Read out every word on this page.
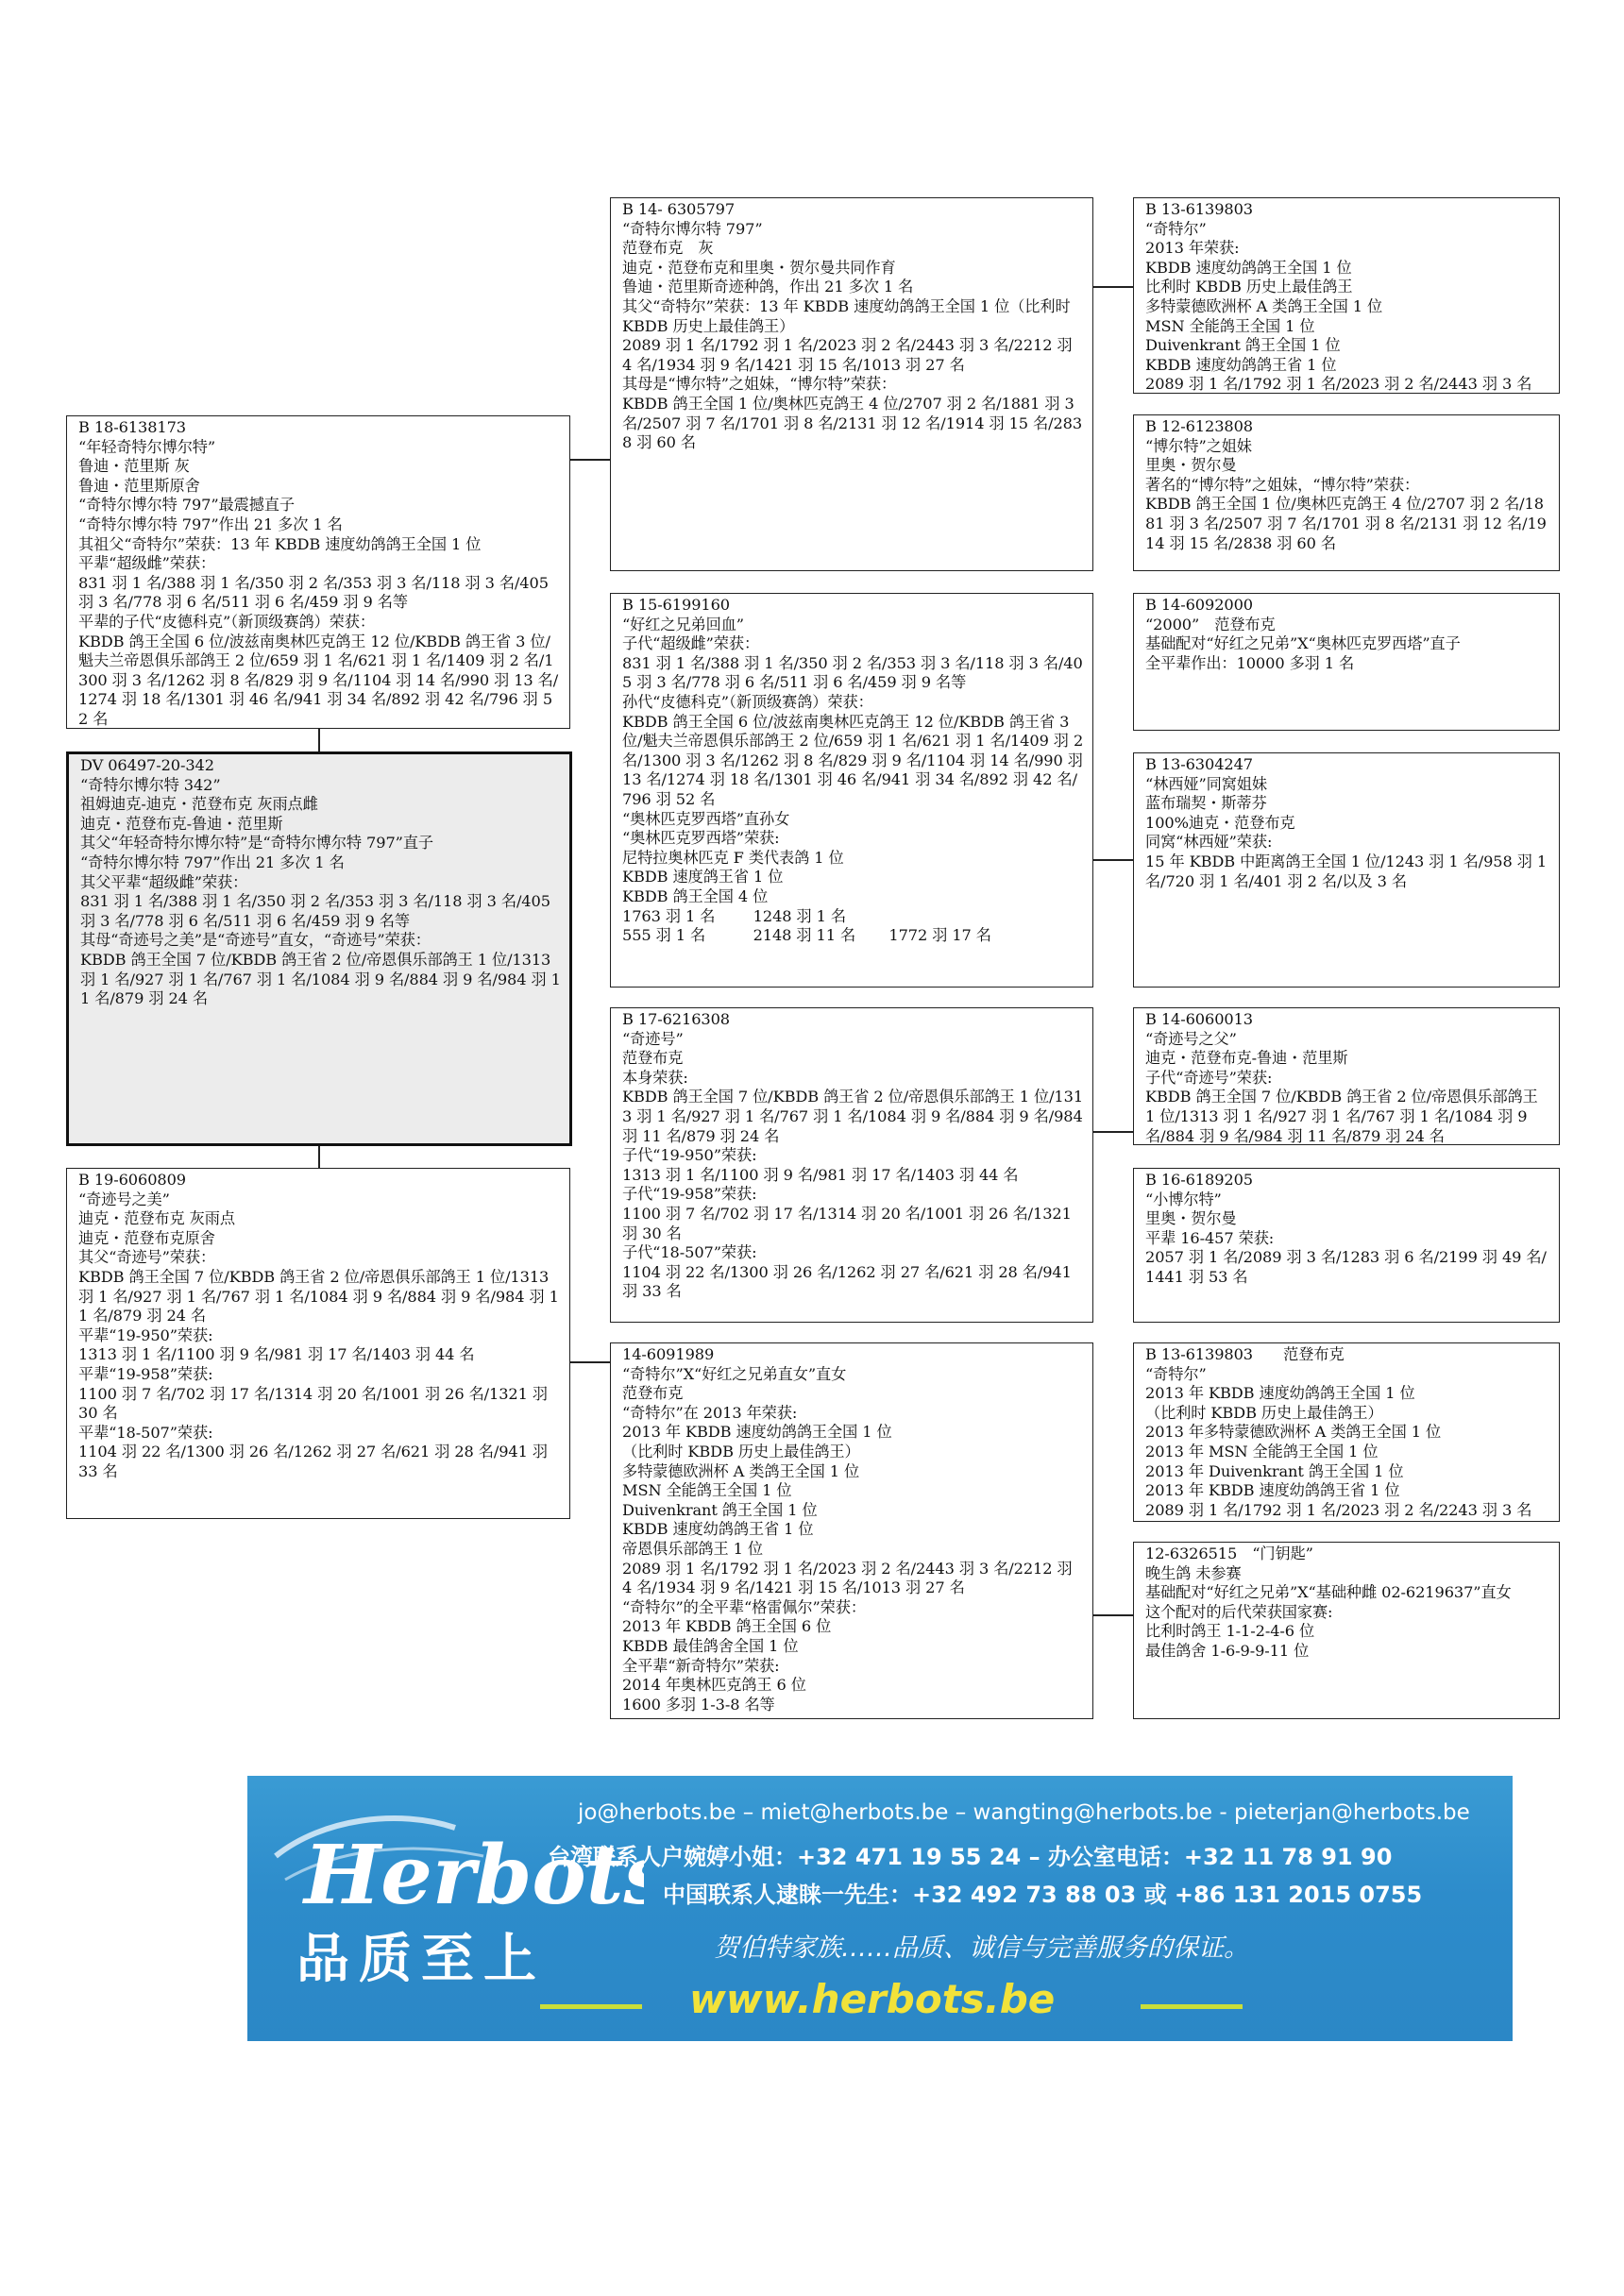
B 14- 6305797
“奇特尔博尔特 797”
范登布克　灰
迪克・范登布克和里奥・贺尔曼共同作育
鲁迪・范里斯奇迹种鸽，作出 21 多次 1 名
其父“奇特尔”荣获：13 年 KBDB 速度幼鸽鸽王全国 1 位（比利时 KBDB 历史上最佳鸽王）
2089 羽 1 名/1792 羽 1 名/2023 羽 2 名/2443 羽 3 名/2212 羽 4 名/1934 羽 9 名/1421 羽 15 名/1013 羽 27 名
其母是“博尔特”之姐妹，“博尔特”荣获：
KBDB 鸽王全国 1 位/奥林匹克鸽王 4 位/2707 羽 2 名/1881 羽 3 名/2507 羽 7 名/1701 羽 8 名/2131 羽 12 名/1914 羽 15 名/2838 羽 60 名
B 13-6139803
“奇特尔”
2013 年荣获:
KBDB 速度幼鸽鸽王全国 1 位
比利时 KBDB 历史上最佳鸽王
多特蒙德欧洲杯 A 类鸽王全国 1 位
MSN 全能鸽王全国 1 位
Duivenkrant 鸽王全国 1 位
KBDB 速度幼鸽鸽王省 1 位
2089 羽 1 名/1792 羽 1 名/2023 羽 2 名/2443 羽 3 名
B 12-6123808
“博尔特”之姐妹
里奥・贺尔曼
著名的“博尔特”之姐妹，“博尔特”荣获：
KBDB 鸽王全国 1 位/奥林匹克鸽王 4 位/2707 羽 2 名/1881 羽 3 名/2507 羽 7 名/1701 羽 8 名/2131 羽 12 名/1914 羽 15 名/2838 羽 60 名
B 18-6138173
“年轻奇特尔博尔特”
鲁迪・范里斯 灰
鲁迪・范里斯原舍
“奇特尔博尔特 797”最震撼直子
“奇特尔博尔特 797”作出 21 多次 1 名
其祖父“奇特尔”荣获：13 年 KBDB 速度幼鸽鸽王全国 1 位
平辈“超级雌”荣获：
831 羽 1 名/388 羽 1 名/350 羽 2 名/353 羽 3 名/118 羽 3 名/405 羽 3 名/778 羽 6 名/511 羽 6 名/459 羽 9 名等
平辈的子代“皮德科克”（新顶级赛鸽）荣获：
KBDB 鸽王全国 6 位/波兹南奥林匹克鸽王 12 位/KBDB 鸽王省 3 位/魁夫兰帝恩俱乐部鸽王 2 位/659 羽 1 名/621 羽 1 名/1409 羽 2 名/1300 羽 3 名/1262 羽 8 名/829 羽 9 名/1104 羽 14 名/990 羽 13 名/1274 羽 18 名/1301 羽 46 名/941 羽 34 名/892 羽 42 名/796 羽 52 名
B 15-6199160
“好红之兄弟回血”
子代“超级雌”荣获：
831 羽 1 名/388 羽 1 名/350 羽 2 名/353 羽 3 名/118 羽 3 名/405 羽 3 名/778 羽 6 名/511 羽 6 名/459 羽 9 名等
孙代“皮德科克”（新顶级赛鸽）荣获：
KBDB 鸽王全国 6 位/波兹南奥林匹克鸽王 12 位/KBDB 鸽王省 3 位/魁夫兰帝恩俱乐部鸽王 2 位/659 羽 1 名/621 羽 1 名/1409 羽 2 名/1300 羽 3 名/1262 羽 8 名/829 羽 9 名/1104 羽 14 名/990 羽 13 名/1274 羽 18 名/1301 羽 46 名/941 羽 34 名/892 羽 42 名/796 羽 52 名
“奥林匹克罗西塔”直孙女
“奥林匹克罗西塔”荣获:
尼特拉奥林匹克 F 类代表鸽 1 位
KBDB 速度鸽王省 1 位
KBDB 鸽王全国 4 位
1763 羽 1 名        1248 羽 1 名
555 羽 1 名          2148 羽 11 名       1772 羽 17 名
B 14-6092000
“2000”　范登布克
基础配对“好红之兄弟”X“奥林匹克罗西塔”直子
全平辈作出：10000 多羽 1 名
B 13-6304247
“林西娅”同窝姐妹
蓝布瑞契・斯蒂芬
100%迪克・范登布克
同窝“林西娅”荣获:
15 年 KBDB 中距离鸽王全国 1 位/1243 羽 1 名/958 羽 1 名/720 羽 1 名/401 羽 2 名/以及 3 名
DV 06497-20-342
“奇特尔博尔特 342”
祖姆迪克-迪克・范登布克 灰雨点雌
迪克・范登布克-鲁迪・范里斯
其父“年轻奇特尔博尔特”是“奇特尔博尔特 797”直子
“奇特尔博尔特 797”作出 21 多次 1 名
其父平辈“超级雌”荣获：
831 羽 1 名/388 羽 1 名/350 羽 2 名/353 羽 3 名/118 羽 3 名/405 羽 3 名/778 羽 6 名/511 羽 6 名/459 羽 9 名等
其母“奇迹号之美”是“奇迹号”直女，“奇迹号”荣获：
KBDB 鸽王全国 7 位/KBDB 鸽王省 2 位/帝恩俱乐部鸽王 1 位/1313 羽 1 名/927 羽 1 名/767 羽 1 名/1084 羽 9 名/884 羽 9 名/984 羽 11 名/879 羽 24 名
B 17-6216308
“奇迹号”
范登布克
本身荣获:
KBDB 鸽王全国 7 位/KBDB 鸽王省 2 位/帝恩俱乐部鸽王 1 位/1313 羽 1 名/927 羽 1 名/767 羽 1 名/1084 羽 9 名/884 羽 9 名/984 羽 11 名/879 羽 24 名
子代“19-950”荣获:
1313 羽 1 名/1100 羽 9 名/981 羽 17 名/1403 羽 44 名
子代“19-958”荣获:
1100 羽 7 名/702 羽 17 名/1314 羽 20 名/1001 羽 26 名/1321 羽 30 名
子代“18-507”荣获:
1104 羽 22 名/1300 羽 26 名/1262 羽 27 名/621 羽 28 名/941 羽 33 名
B 14-6060013
“奇迹号之父”
迪克・范登布克-鲁迪・范里斯
子代“奇迹号”荣获:
KBDB 鸽王全国 7 位/KBDB 鸽王省 2 位/帝恩俱乐部鸽王 1 位/1313 羽 1 名/927 羽 1 名/767 羽 1 名/1084 羽 9 名/884 羽 9 名/984 羽 11 名/879 羽 24 名
B 16-6189205
“小博尔特”
里奥・贺尔曼
平辈 16-457 荣获:
2057 羽 1 名/2089 羽 3 名/1283 羽 6 名/2199 羽 49 名/1441 羽 53 名
B 19-6060809
“奇迹号之美”
迪克・范登布克 灰雨点
迪克・范登布克原舍
其父“奇迹号”荣获：
KBDB 鸽王全国 7 位/KBDB 鸽王省 2 位/帝恩俱乐部鸽王 1 位/1313 羽 1 名/927 羽 1 名/767 羽 1 名/1084 羽 9 名/884 羽 9 名/984 羽 11 名/879 羽 24 名
平辈“19-950”荣获:
1313 羽 1 名/1100 羽 9 名/981 羽 17 名/1403 羽 44 名
平辈“19-958”荣获:
1100 羽 7 名/702 羽 17 名/1314 羽 20 名/1001 羽 26 名/1321 羽 30 名
平辈“18-507”荣获:
1104 羽 22 名/1300 羽 26 名/1262 羽 27 名/621 羽 28 名/941 羽 33 名
14-6091989
“奇特尔”X“好红之兄弟直女”直女
范登布克
“奇特尔”在 2013 年荣获:
2013 年 KBDB 速度幼鸽鸽王全国 1 位
（比利时 KBDB 历史上最佳鸽王）
多特蒙德欧洲杯 A 类鸽王全国 1 位
MSN 全能鸽王全国 1 位
Duivenkrant 鸽王全国 1 位
KBDB 速度幼鸽鸽王省 1 位
帝恩俱乐部鸽王 1 位
2089 羽 1 名/1792 羽 1 名/2023 羽 2 名/2443 羽 3 名/2212 羽 4 名/1934 羽 9 名/1421 羽 15 名/1013 羽 27 名
“奇特尔”的全平辈“格雷佩尔”荣获：
2013 年 KBDB 鸽王全国 6 位
KBDB 最佳鸽舍全国 1 位
全平辈“新奇特尔”荣获:
2014 年奥林匹克鸽王 6 位
1600 多羽 1-3-8 名等
B 13-6139803　　范登布克
“奇特尔”
2013 年 KBDB 速度幼鸽鸽王全国 1 位
（比利时 KBDB 历史上最佳鸽王）
2013 年多特蒙德欧洲杯 A 类鸽王全国 1 位
2013 年 MSN 全能鸽王全国 1 位
2013 年 Duivenkrant 鸽王全国 1 位
2013 年 KBDB 速度幼鸽鸽王省 1 位
2089 羽 1 名/1792 羽 1 名/2023 羽 2 名/2243 羽 3 名
12-6326515　“门钥匙”
晚生鸽 未参赛
基础配对“好红之兄弟”X“基础种雌 02-6219637”直女
这个配对的后代荣获国家赛:
比利时鸽王 1-1-2-4-6 位
最佳鸽舍 1-6-9-9-11 位
Herbots
jo@herbots.be – miet@herbots.be – wangting@herbots.be - pieterjan@herbots.be
台湾联系人户婉婷小姐：+32 471 19 55 24 – 办公室电话：+32 11 78 91 90
中国联系人逮睐一先生：+32 492 73 88 03 或 +86 131 2015 0755
品质至上	贺伯特家族……品质、诚信与完善服务的保证。
www.herbots.be
